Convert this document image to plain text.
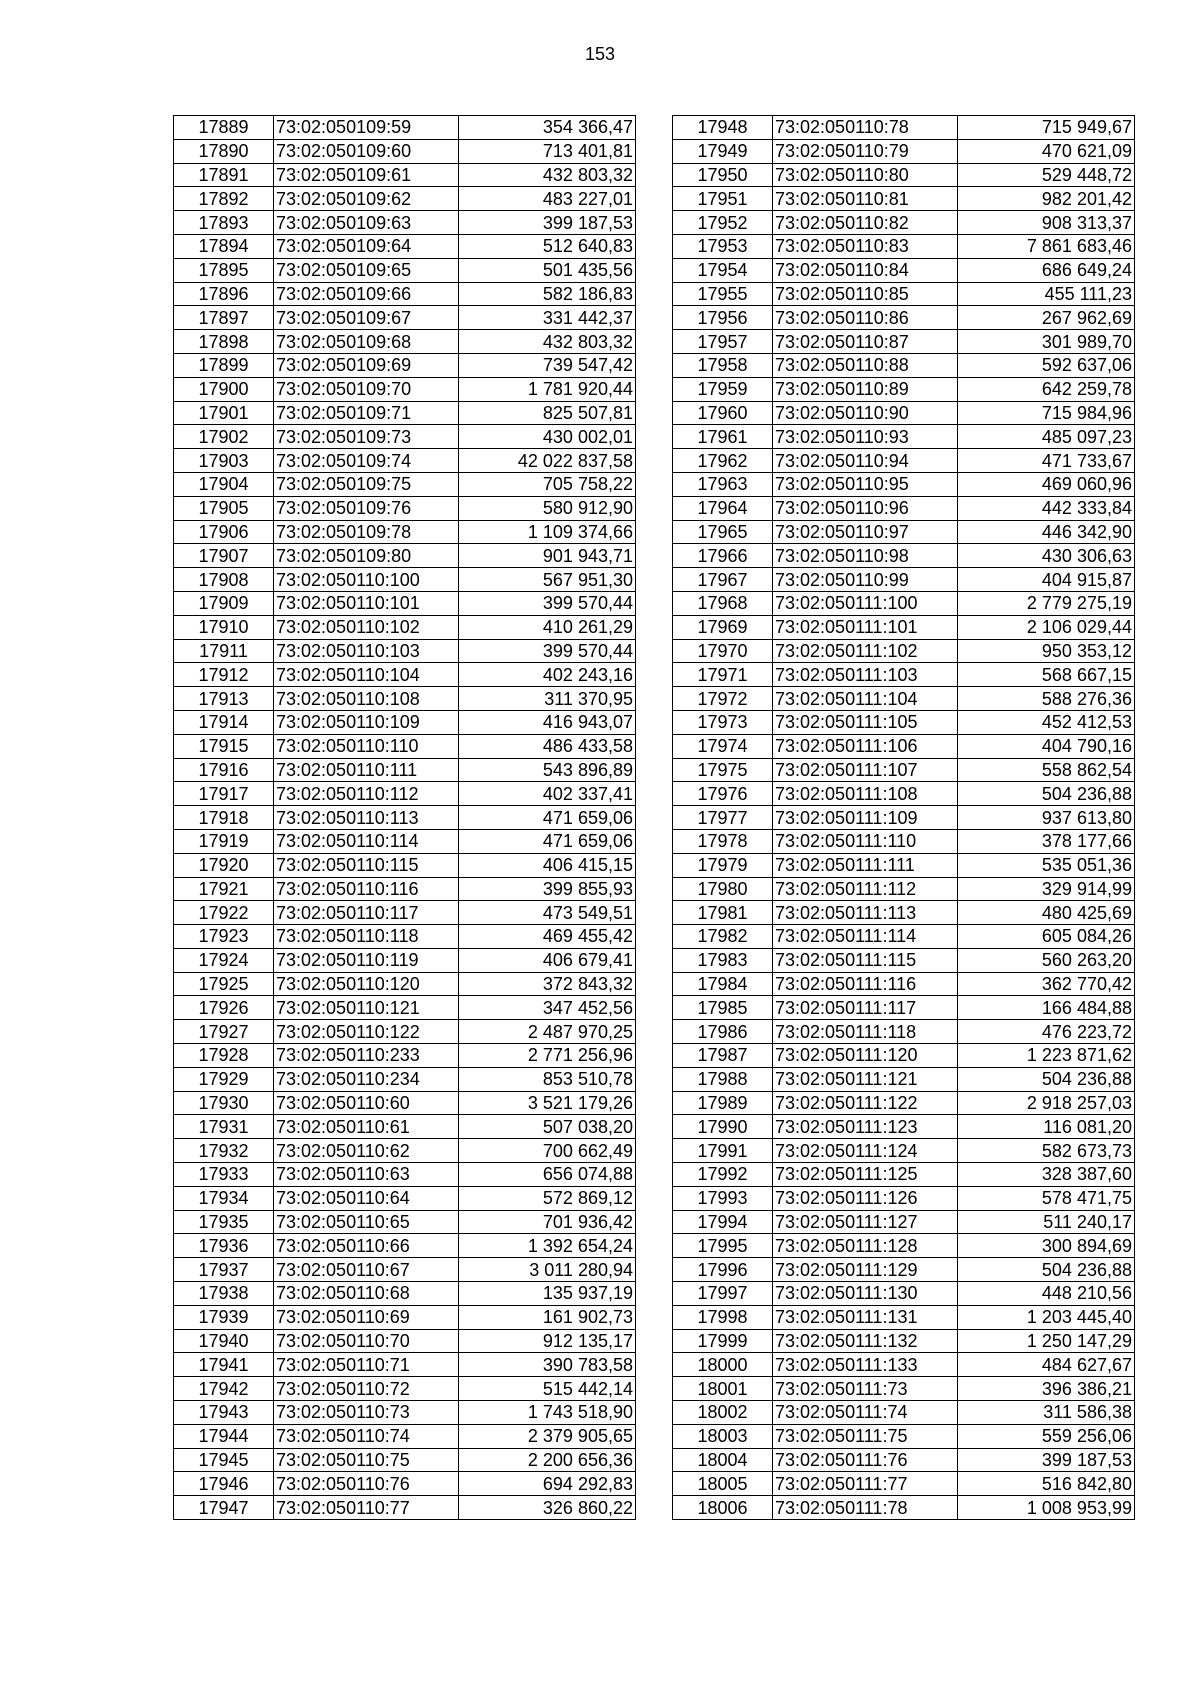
153
17889	73:02:050109:59	354 366,47
17890	73:02:050109:60	713 401,81
17891	73:02:050109:61	432 803,32
17892	73:02:050109:62	483 227,01
17893	73:02:050109:63	399 187,53
17894	73:02:050109:64	512 640,83
17895	73:02:050109:65	501 435,56
17896	73:02:050109:66	582 186,83
17897	73:02:050109:67	331 442,37
17898	73:02:050109:68	432 803,32
17899	73:02:050109:69	739 547,42
17900	73:02:050109:70	1 781 920,44
17901	73:02:050109:71	825 507,81
17902	73:02:050109:73	430 002,01
17903	73:02:050109:74	42 022 837,58
17904	73:02:050109:75	705 758,22
17905	73:02:050109:76	580 912,90
17906	73:02:050109:78	1 109 374,66
17907	73:02:050109:80	901 943,71
17908	73:02:050110:100	567 951,30
17909	73:02:050110:101	399 570,44
17910	73:02:050110:102	410 261,29
17911	73:02:050110:103	399 570,44
17912	73:02:050110:104	402 243,16
17913	73:02:050110:108	311 370,95
17914	73:02:050110:109	416 943,07
17915	73:02:050110:110	486 433,58
17916	73:02:050110:111	543 896,89
17917	73:02:050110:112	402 337,41
17918	73:02:050110:113	471 659,06
17919	73:02:050110:114	471 659,06
17920	73:02:050110:115	406 415,15
17921	73:02:050110:116	399 855,93
17922	73:02:050110:117	473 549,51
17923	73:02:050110:118	469 455,42
17924	73:02:050110:119	406 679,41
17925	73:02:050110:120	372 843,32
17926	73:02:050110:121	347 452,56
17927	73:02:050110:122	2 487 970,25
17928	73:02:050110:233	2 771 256,96
17929	73:02:050110:234	853 510,78
17930	73:02:050110:60	3 521 179,26
17931	73:02:050110:61	507 038,20
17932	73:02:050110:62	700 662,49
17933	73:02:050110:63	656 074,88
17934	73:02:050110:64	572 869,12
17935	73:02:050110:65	701 936,42
17936	73:02:050110:66	1 392 654,24
17937	73:02:050110:67	3 011 280,94
17938	73:02:050110:68	135 937,19
17939	73:02:050110:69	161 902,73
17940	73:02:050110:70	912 135,17
17941	73:02:050110:71	390 783,58
17942	73:02:050110:72	515 442,14
17943	73:02:050110:73	1 743 518,90
17944	73:02:050110:74	2 379 905,65
17945	73:02:050110:75	2 200 656,36
17946	73:02:050110:76	694 292,83
17947	73:02:050110:77	326 860,22
17948	73:02:050110:78	715 949,67
17949	73:02:050110:79	470 621,09
17950	73:02:050110:80	529 448,72
17951	73:02:050110:81	982 201,42
17952	73:02:050110:82	908 313,37
17953	73:02:050110:83	7 861 683,46
17954	73:02:050110:84	686 649,24
17955	73:02:050110:85	455 111,23
17956	73:02:050110:86	267 962,69
17957	73:02:050110:87	301 989,70
17958	73:02:050110:88	592 637,06
17959	73:02:050110:89	642 259,78
17960	73:02:050110:90	715 984,96
17961	73:02:050110:93	485 097,23
17962	73:02:050110:94	471 733,67
17963	73:02:050110:95	469 060,96
17964	73:02:050110:96	442 333,84
17965	73:02:050110:97	446 342,90
17966	73:02:050110:98	430 306,63
17967	73:02:050110:99	404 915,87
17968	73:02:050111:100	2 779 275,19
17969	73:02:050111:101	2 106 029,44
17970	73:02:050111:102	950 353,12
17971	73:02:050111:103	568 667,15
17972	73:02:050111:104	588 276,36
17973	73:02:050111:105	452 412,53
17974	73:02:050111:106	404 790,16
17975	73:02:050111:107	558 862,54
17976	73:02:050111:108	504 236,88
17977	73:02:050111:109	937 613,80
17978	73:02:050111:110	378 177,66
17979	73:02:050111:111	535 051,36
17980	73:02:050111:112	329 914,99
17981	73:02:050111:113	480 425,69
17982	73:02:050111:114	605 084,26
17983	73:02:050111:115	560 263,20
17984	73:02:050111:116	362 770,42
17985	73:02:050111:117	166 484,88
17986	73:02:050111:118	476 223,72
17987	73:02:050111:120	1 223 871,62
17988	73:02:050111:121	504 236,88
17989	73:02:050111:122	2 918 257,03
17990	73:02:050111:123	116 081,20
17991	73:02:050111:124	582 673,73
17992	73:02:050111:125	328 387,60
17993	73:02:050111:126	578 471,75
17994	73:02:050111:127	511 240,17
17995	73:02:050111:128	300 894,69
17996	73:02:050111:129	504 236,88
17997	73:02:050111:130	448 210,56
17998	73:02:050111:131	1 203 445,40
17999	73:02:050111:132	1 250 147,29
18000	73:02:050111:133	484 627,67
18001	73:02:050111:73	396 386,21
18002	73:02:050111:74	311 586,38
18003	73:02:050111:75	559 256,06
18004	73:02:050111:76	399 187,53
18005	73:02:050111:77	516 842,80
18006	73:02:050111:78	1 008 953,99
